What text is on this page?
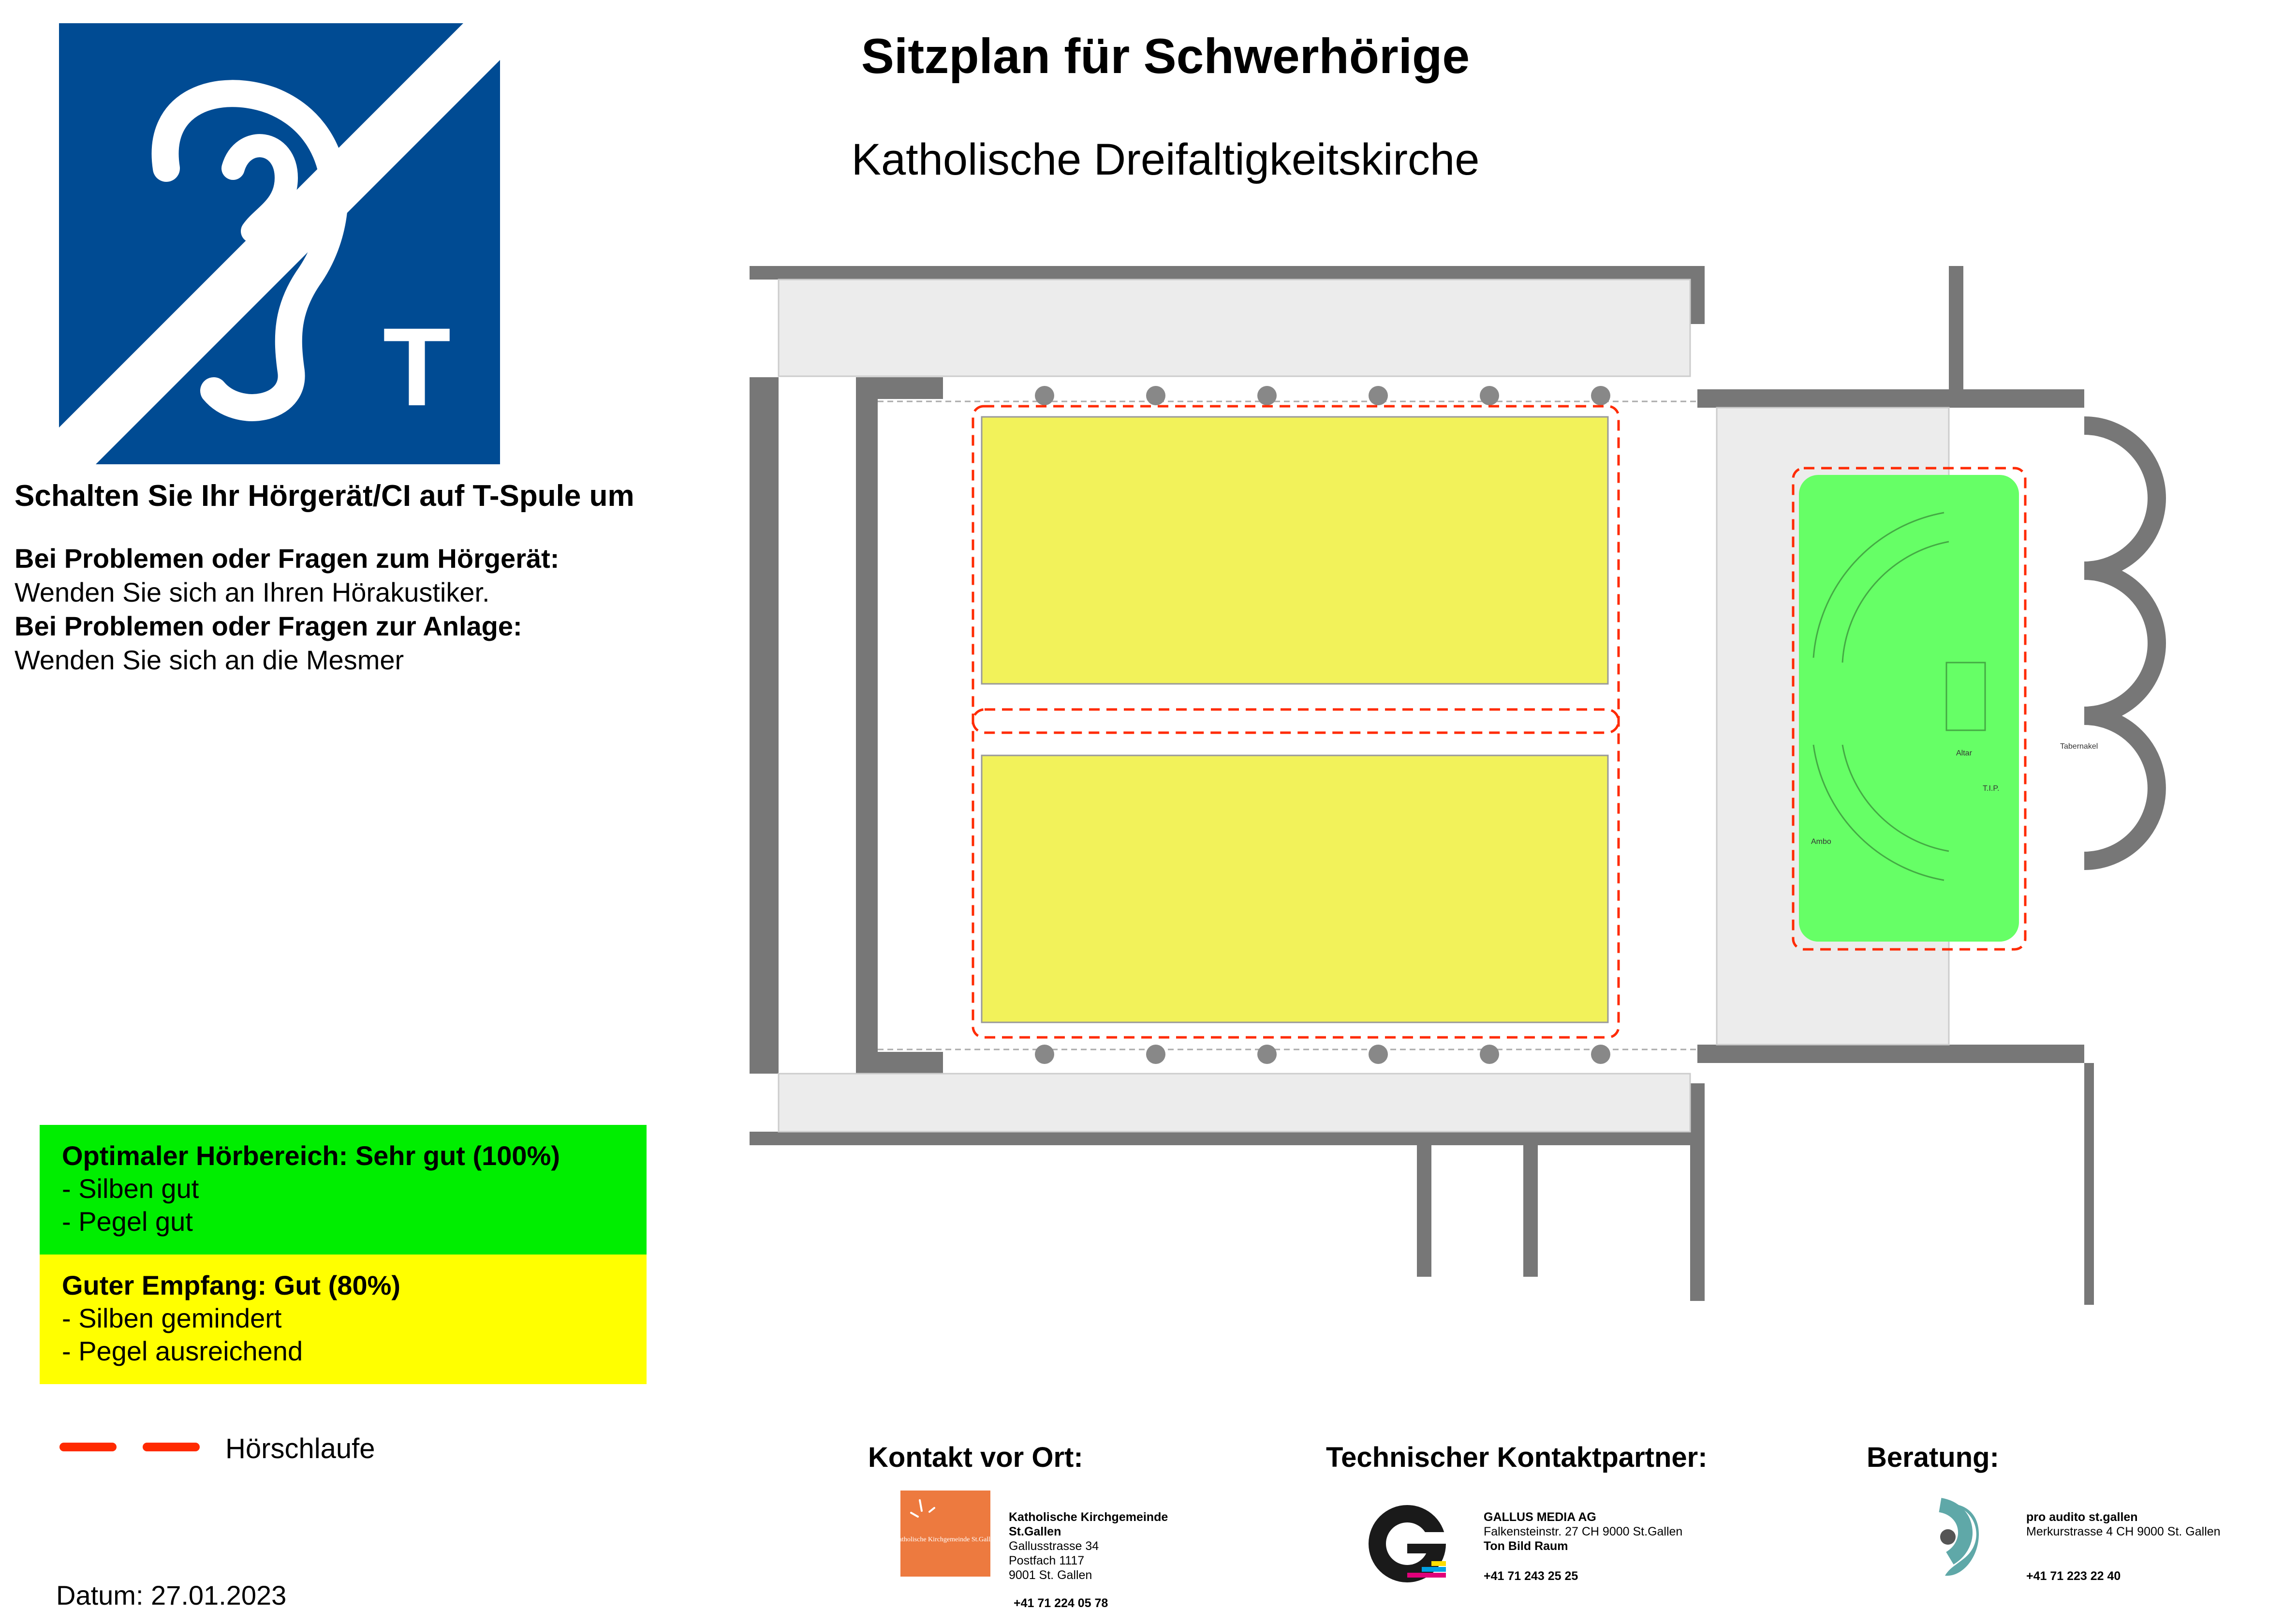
Sitzplan für Schwerhörige
Katholische Dreifaltigkeitskirche
T
Schalten Sie Ihr Hörgerät/CI auf T-Spule um
Bei Problemen oder Fragen zum Hörgerät:
Wenden Sie sich an Ihren Hörakustiker.
Bei Problemen oder Fragen zur Anlage:
Wenden Sie sich an die Mesmer
Altar
Tabernakel
Ambo
T.I.P.
Optimaler Hörbereich: Sehr gut (100%)
- Silben gut
- Pegel gut
Guter Empfang: Gut (80%)
- Silben gemindert
- Pegel ausreichend
Hörschlaufe
Datum: 27.01.2023
Kontakt vor Ort:
Katholische Kirchgemeinde St.Gallen
Katholische Kirchgemeinde
St.Gallen
Gallusstrasse 34
Postfach 1117
9001 St. Gallen
+41 71 224 05 78
Technischer Kontaktpartner:
GALLUS MEDIA AG
Falkensteinstr. 27 CH 9000 St.Gallen
Ton Bild Raum
+41 71 243 25 25
Beratung:
pro audito st.gallen
Merkurstrasse 4 CH 9000 St. Gallen
+41 71 223 22 40
